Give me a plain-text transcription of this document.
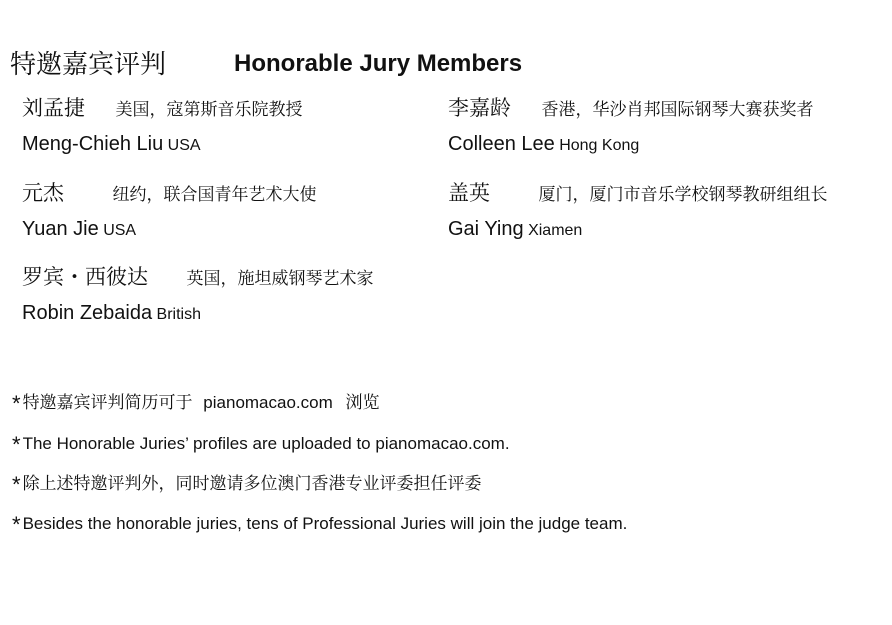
特邀嘉宾评判	Honorable Jury Members
刘孟捷 美国，寇第斯音乐院教授
Meng-Chieh Liu USA
李嘉龄 香港，华沙肖邦国际钢琴大赛获奖者
Colleen Lee Hong Kong
元杰	纽约，联合国青年艺术大使
Yuan Jie USA
盖英	厦门，厦门市音乐学校钢琴教研组组长
Gai Ying Xiamen
罗宾・西彼达 英国，施坦威钢琴艺术家
Robin Zebaida British
* 特邀嘉宾评判简历可于 pianomacao.com 浏览
* The Honorable Juries’ profiles are uploaded to pianomacao.com.
* 除上述特邀评判外，同时邀请多位澳门香港专业评委担任评委
* Besides the honorable juries, tens of Professional Juries will join the judge team.
